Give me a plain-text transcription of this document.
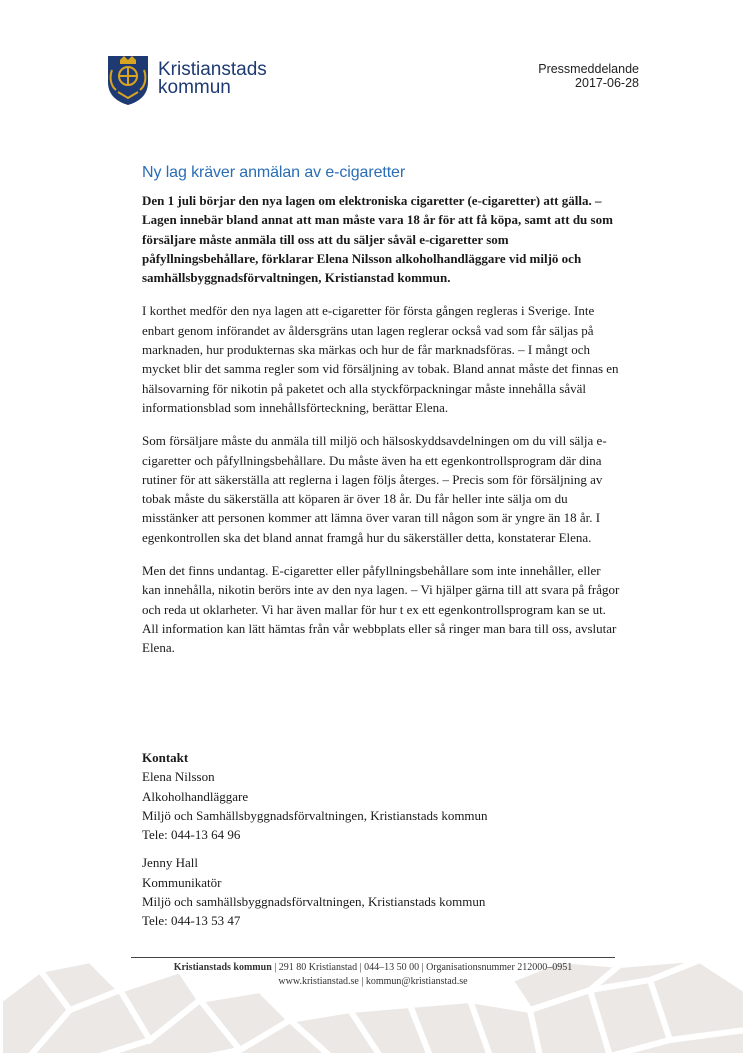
Kristianstads
kommun
Pressmeddelande
2017-06-28
Ny lag kräver anmälan av e-cigaretter

Den 1 juli börjar den nya lagen om elektroniska cigaretter (e-cigaretter) att gälla. – Lagen innebär bland annat att man måste vara 18 år för att få köpa, samt att du som försäljare måste anmäla till oss att du säljer såväl e-cigaretter som påfyllningsbehållare, förklarar Elena Nilsson alkoholhandläggare vid miljö och samhällsbyggnadsförvaltningen, Kristianstad kommun.

I korthet medför den nya lagen att e-cigaretter för första gången regleras i Sverige. Inte enbart genom införandet av åldersgräns utan lagen reglerar också vad som får säljas på marknaden, hur produkternas ska märkas och hur de får marknadsföras. – I mångt och mycket blir det samma regler som vid försäljning av tobak. Bland annat måste det finnas en hälsovarning för nikotin på paketet och alla styckförpackningar måste innehålla såväl informationsblad som innehållsförteckning, berättar Elena.

Som försäljare måste du anmäla till miljö och hälsoskyddsavdelningen om du vill sälja e-cigaretter och påfyllningsbehållare. Du måste även ha ett egenkontrollsprogram där dina rutiner för att säkerställa att reglerna i lagen följs återges. – Precis som för försäljning av tobak måste du säkerställa att köparen är över 18 år. Du får heller inte sälja om du misstänker att personen kommer att lämna över varan till någon som är yngre än 18 år. I egenkontrollen ska det bland annat framgå hur du säkerställer detta, konstaterar Elena.

Men det finns undantag. E-cigaretter eller påfyllningsbehållare som inte innehåller, eller kan innehålla, nikotin berörs inte av den nya lagen. – Vi hjälper gärna till att svara på frågor och reda ut oklarheter. Vi har även mallar för hur t ex ett egenkontrollsprogram kan se ut. All information kan lätt hämtas från vår webbplats eller så ringer man bara till oss, avslutar Elena.

Kontakt
Elena Nilsson
Alkoholhandläggare
Miljö och Samhällsbyggnadsförvaltningen, Kristianstads kommun
Tele: 044-13 64 96
Jenny Hall
Kommunikatör
Miljö och samhällsbyggnadsförvaltningen, Kristianstads kommun
Tele: 044-13 53 47
Kristianstads kommun | 291 80 Kristianstad | 044–13 50 00 | Organisationsnummer 212000–0951
www.kristianstad.se | kommun@kristianstad.se
